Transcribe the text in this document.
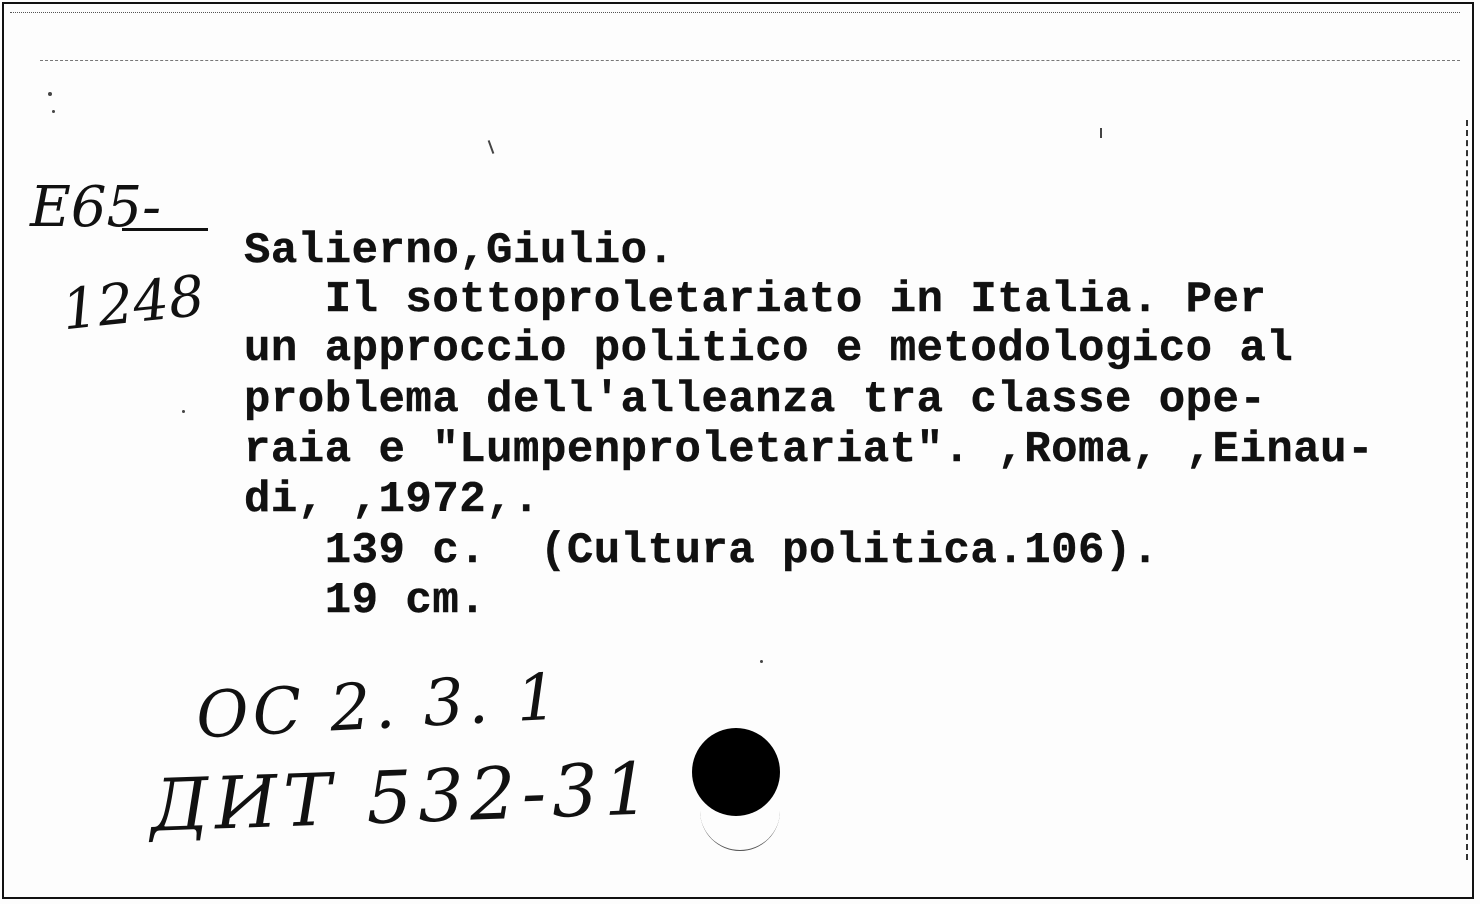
E65-
1248
Salierno,Giulio.
Il sottoproletariato in Italia. Per
un approccio politico e metodologico al
problema dell'alleanza tra classe ope-
raia e "Lumpenproletariat". ,Roma, ,Einau-
di, ,1972,.
139 c.  (Cultura politica.106).
19 cm.
OC 2. 3. 1
ДИТ 532-31
